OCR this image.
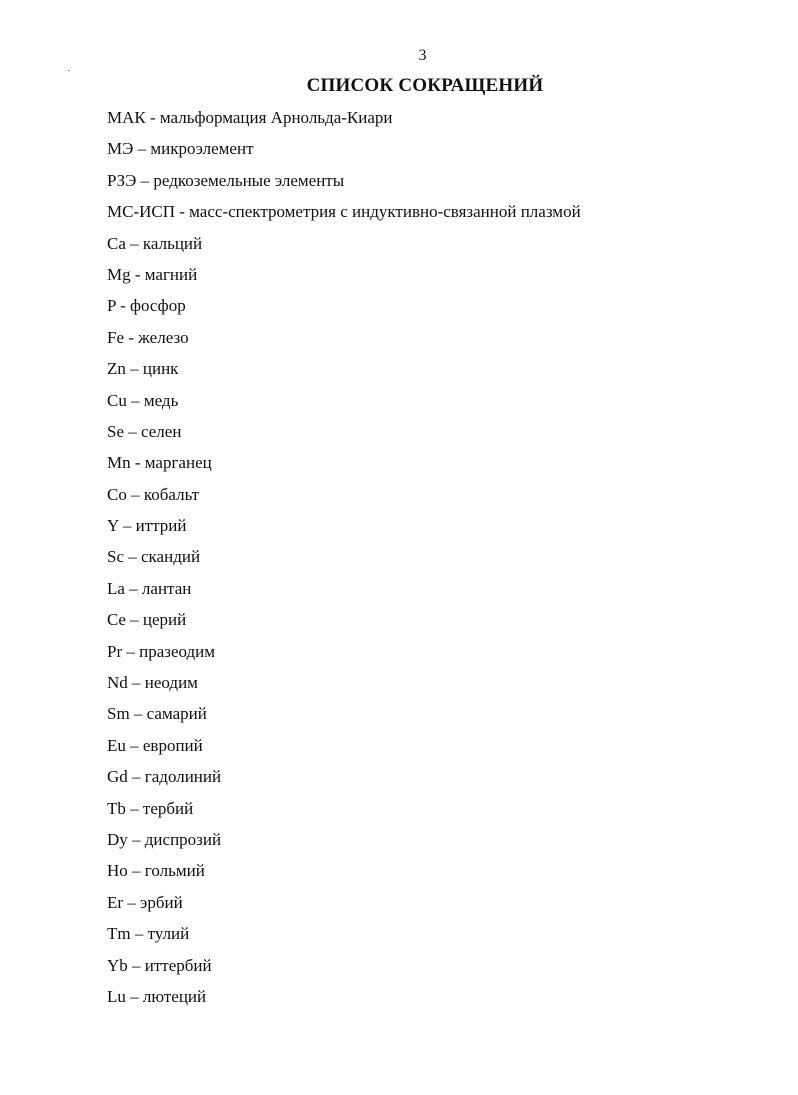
3
СПИСОК СОКРАЩЕНИЙ
МАК - мальформация Арнольда-Киари
МЭ – микроэлемент
РЗЭ – редкоземельные элементы
МС-ИСП - масс-спектрометрия с индуктивно-связанной плазмой
Ca – кальций
Mg - магний
P - фосфор
Fe - железо
Zn – цинк
Cu – медь
Se – селен
Mn - марганец
Co – кобальт
Y – иттрий
Sc – скандий
La – лантан
Ce – церий
Pr – празеодим
Nd – неодим
Sm – самарий
Eu – европий
Gd – гадолиний
Tb – тербий
Dy – диспрозий
Ho – гольмий
Er – эрбий
Tm – тулий
Yb – иттербий
Lu – лютеций
